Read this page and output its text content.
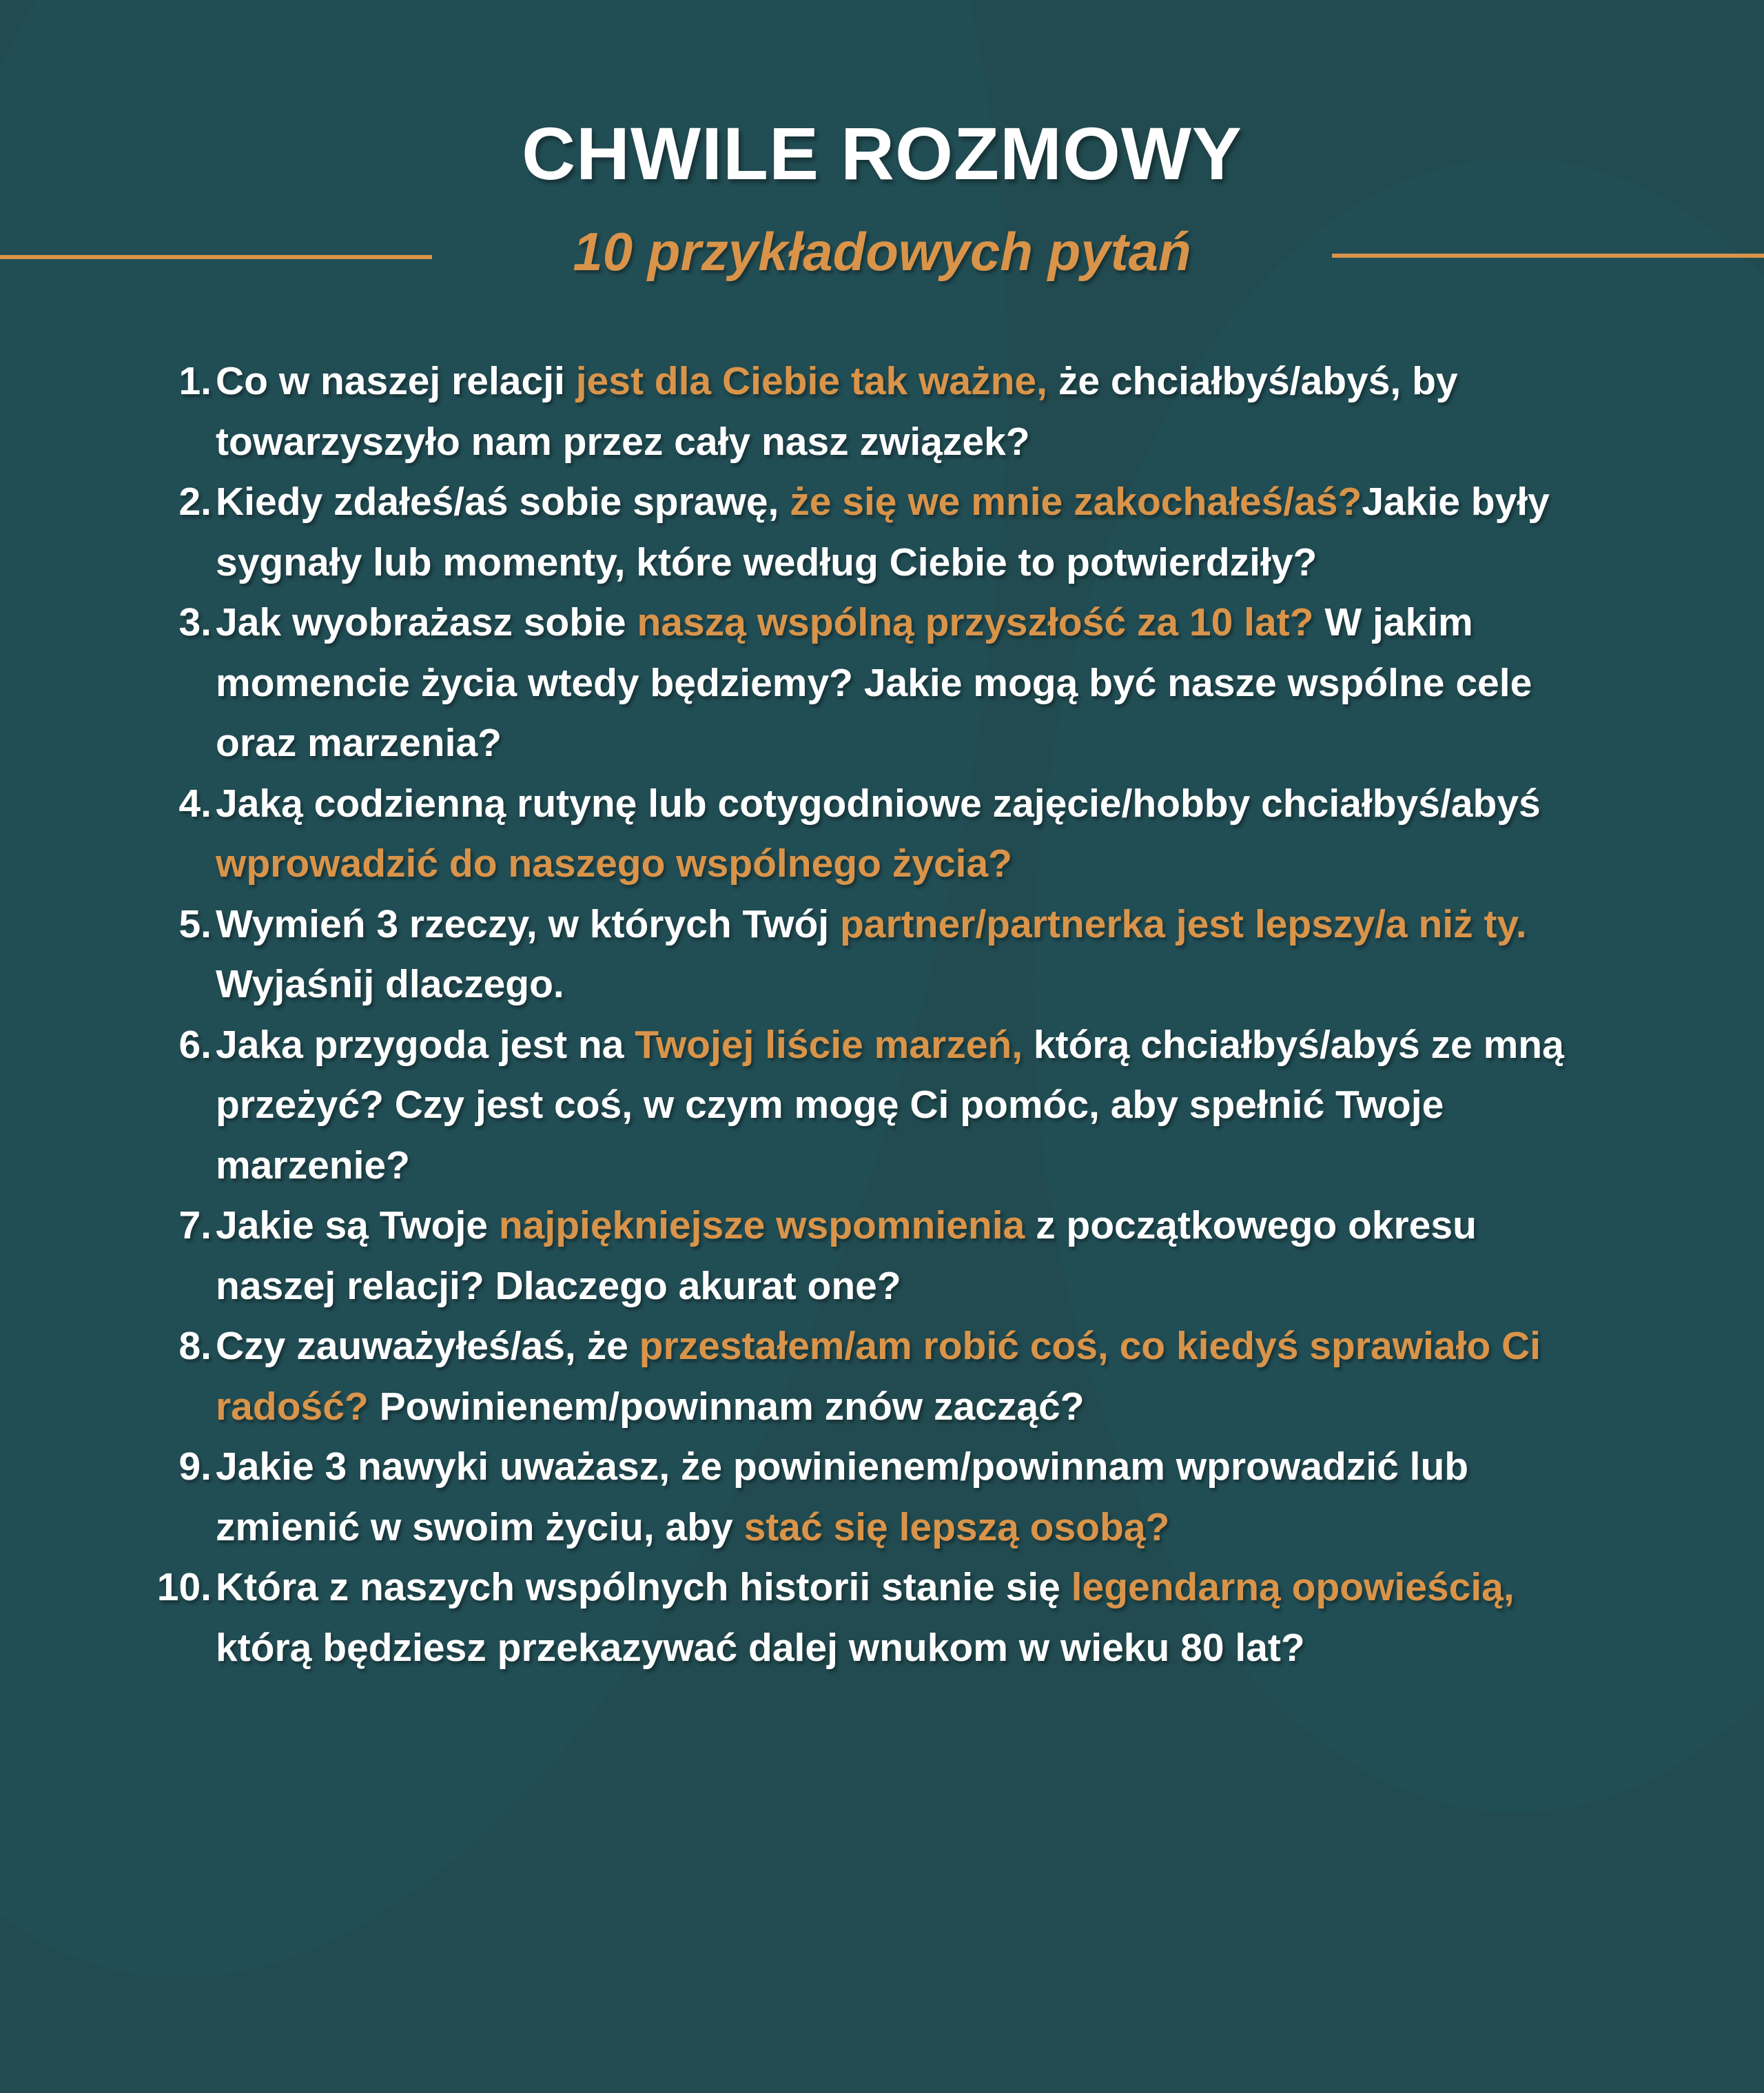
CHWILE ROZMOWY
10 przykładowych pytań
1. Co w naszej relacji jest dla Ciebie tak ważne, że chciałbyś/abyś, by
towarzyszyło nam przez cały nasz związek?
2. Kiedy zdałeś/aś sobie sprawę, że się we mnie zakochałeś/aś?Jakie były
sygnały lub momenty, które według Ciebie to potwierdziły?
3. Jak wyobrażasz sobie naszą wspólną przyszłość za 10 lat? W jakim
momencie życia wtedy będziemy? Jakie mogą być nasze wspólne cele
oraz marzenia?
4. Jaką codzienną rutynę lub cotygodniowe zajęcie/hobby chciałbyś/abyś
wprowadzić do naszego wspólnego życia?
5. Wymień 3 rzeczy, w których Twój partner/partnerka jest lepszy/a niż ty.
Wyjaśnij dlaczego.
6. Jaka przygoda jest na Twojej liście marzeń, którą chciałbyś/abyś ze mną
przeżyć? Czy jest coś, w czym mogę Ci pomóc, aby spełnić Twoje
marzenie?
7. Jakie są Twoje najpiękniejsze wspomnienia z początkowego okresu
naszej relacji? Dlaczego akurat one?
8. Czy zauważyłeś/aś, że przestałem/am robić coś, co kiedyś sprawiało Ci
radość? Powinienem/powinnam znów zacząć?
9. Jakie 3 nawyki uważasz, że powinienem/powinnam wprowadzić lub
zmienić w swoim życiu, aby stać się lepszą osobą?
10. Która z naszych wspólnych historii stanie się legendarną opowieścią,
którą będziesz przekazywać dalej wnukom w wieku 80 lat?
